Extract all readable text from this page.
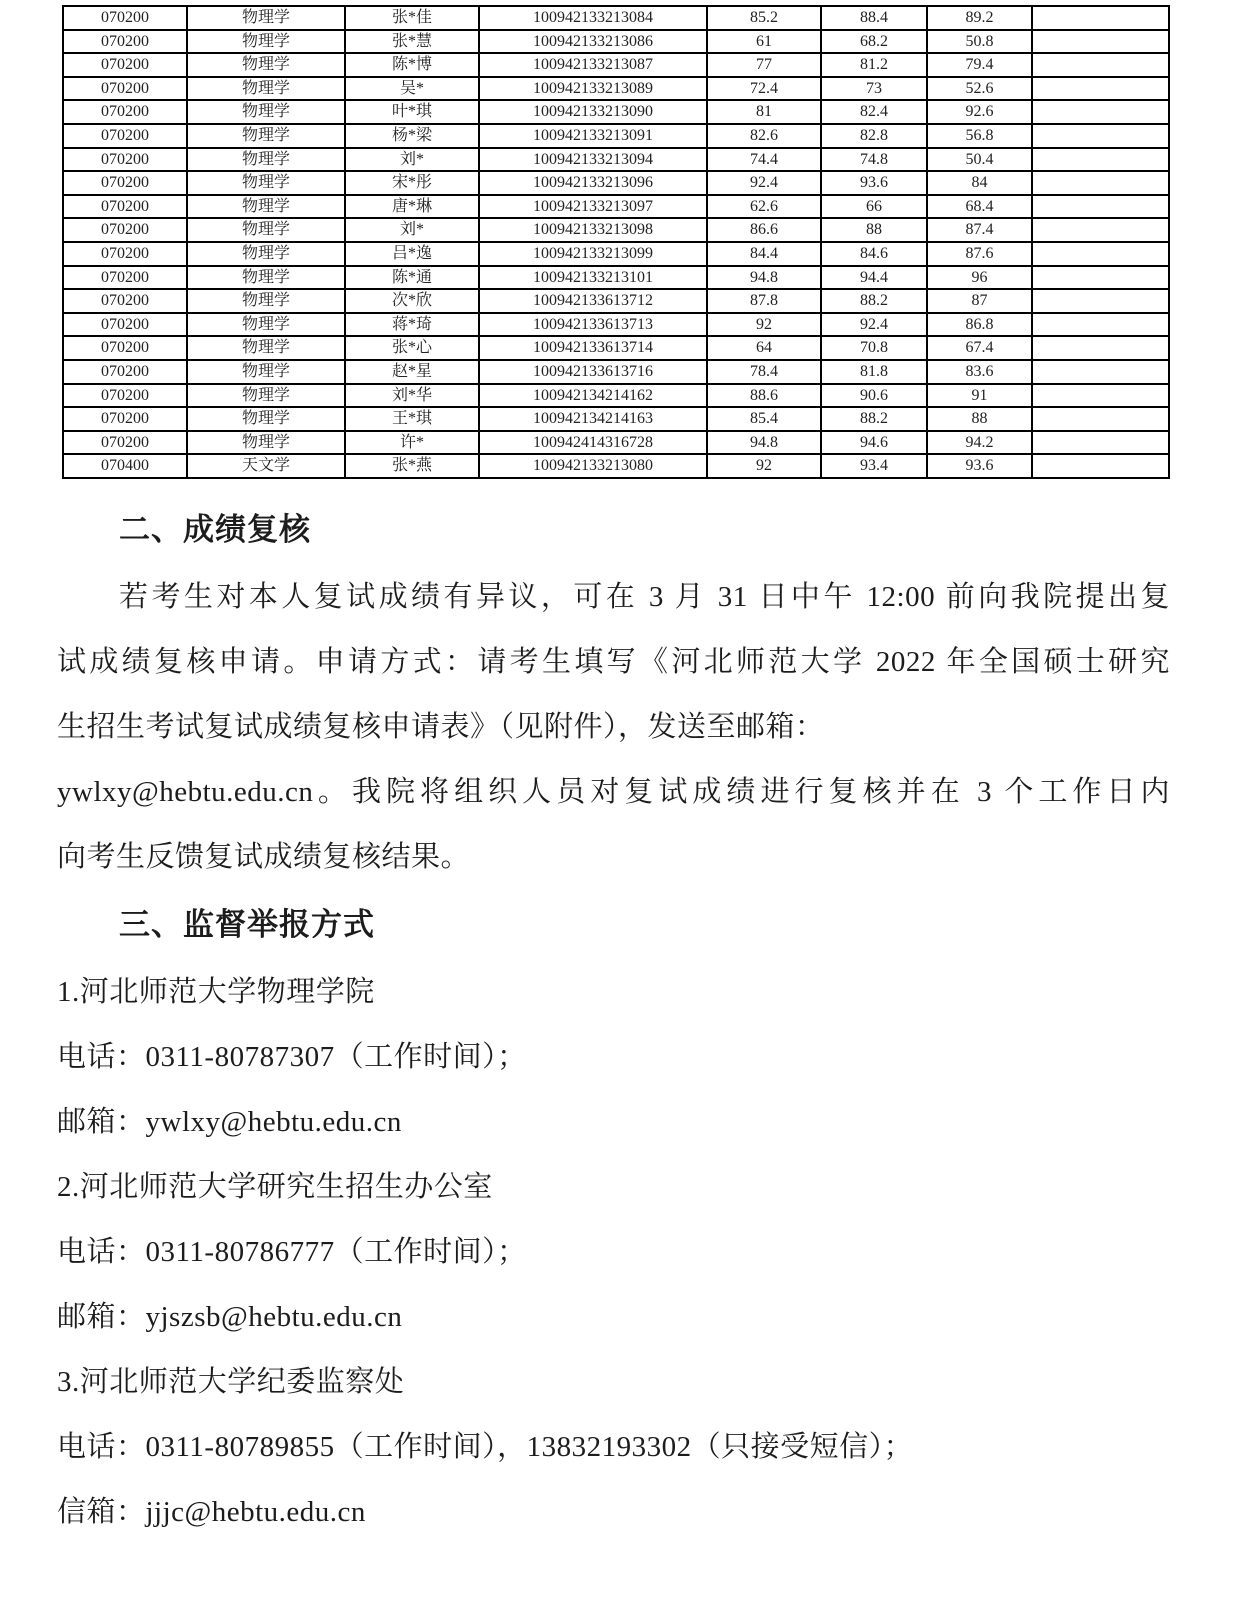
070200	物理学	张*佳	100942133213084	85.2	88.4	89.2	
070200	物理学	张*慧	100942133213086	61	68.2	50.8	
070200	物理学	陈*博	100942133213087	77	81.2	79.4	
070200	物理学	吴*	100942133213089	72.4	73	52.6	
070200	物理学	叶*琪	100942133213090	81	82.4	92.6	
070200	物理学	杨*梁	100942133213091	82.6	82.8	56.8	
070200	物理学	刘*	100942133213094	74.4	74.8	50.4	
070200	物理学	宋*彤	100942133213096	92.4	93.6	84	
070200	物理学	唐*琳	100942133213097	62.6	66	68.4	
070200	物理学	刘*	100942133213098	86.6	88	87.4	
070200	物理学	吕*逸	100942133213099	84.4	84.6	87.6	
070200	物理学	陈*通	100942133213101	94.8	94.4	96	
070200	物理学	次*欣	100942133613712	87.8	88.2	87	
070200	物理学	蒋*琦	100942133613713	92	92.4	86.8	
070200	物理学	张*心	100942133613714	64	70.8	67.4	
070200	物理学	赵*星	100942133613716	78.4	81.8	83.6	
070200	物理学	刘*华	100942134214162	88.6	90.6	91	
070200	物理学	王*琪	100942134214163	85.4	88.2	88	
070200	物理学	许*	100942414316728	94.8	94.6	94.2	
070400	天文学	张*燕	100942133213080	92	93.4	93.6	
二、成绩复核
若考生对本人复试成绩有异议，可在 3 月 31 日中午 12:00 前向我院提出复
试成绩复核申请。申请方式：请考生填写《河北师范大学 2022 年全国硕士研究
生招生考试复试成绩复核申请表》（见附件），发送至邮箱：
ywlxy@hebtu.edu.cn。我院将组织人员对复试成绩进行复核并在 3 个工作日内
向考生反馈复试成绩复核结果。
三、监督举报方式
1.河北师范大学物理学院
电话：0311-80787307（工作时间）；
邮箱：ywlxy@hebtu.edu.cn
2.河北师范大学研究生招生办公室
电话：0311-80786777（工作时间）；
邮箱：yjszsb@hebtu.edu.cn
3.河北师范大学纪委监察处
电话：0311-80789855（工作时间），13832193302（只接受短信）；
信箱：jjjc@hebtu.edu.cn
